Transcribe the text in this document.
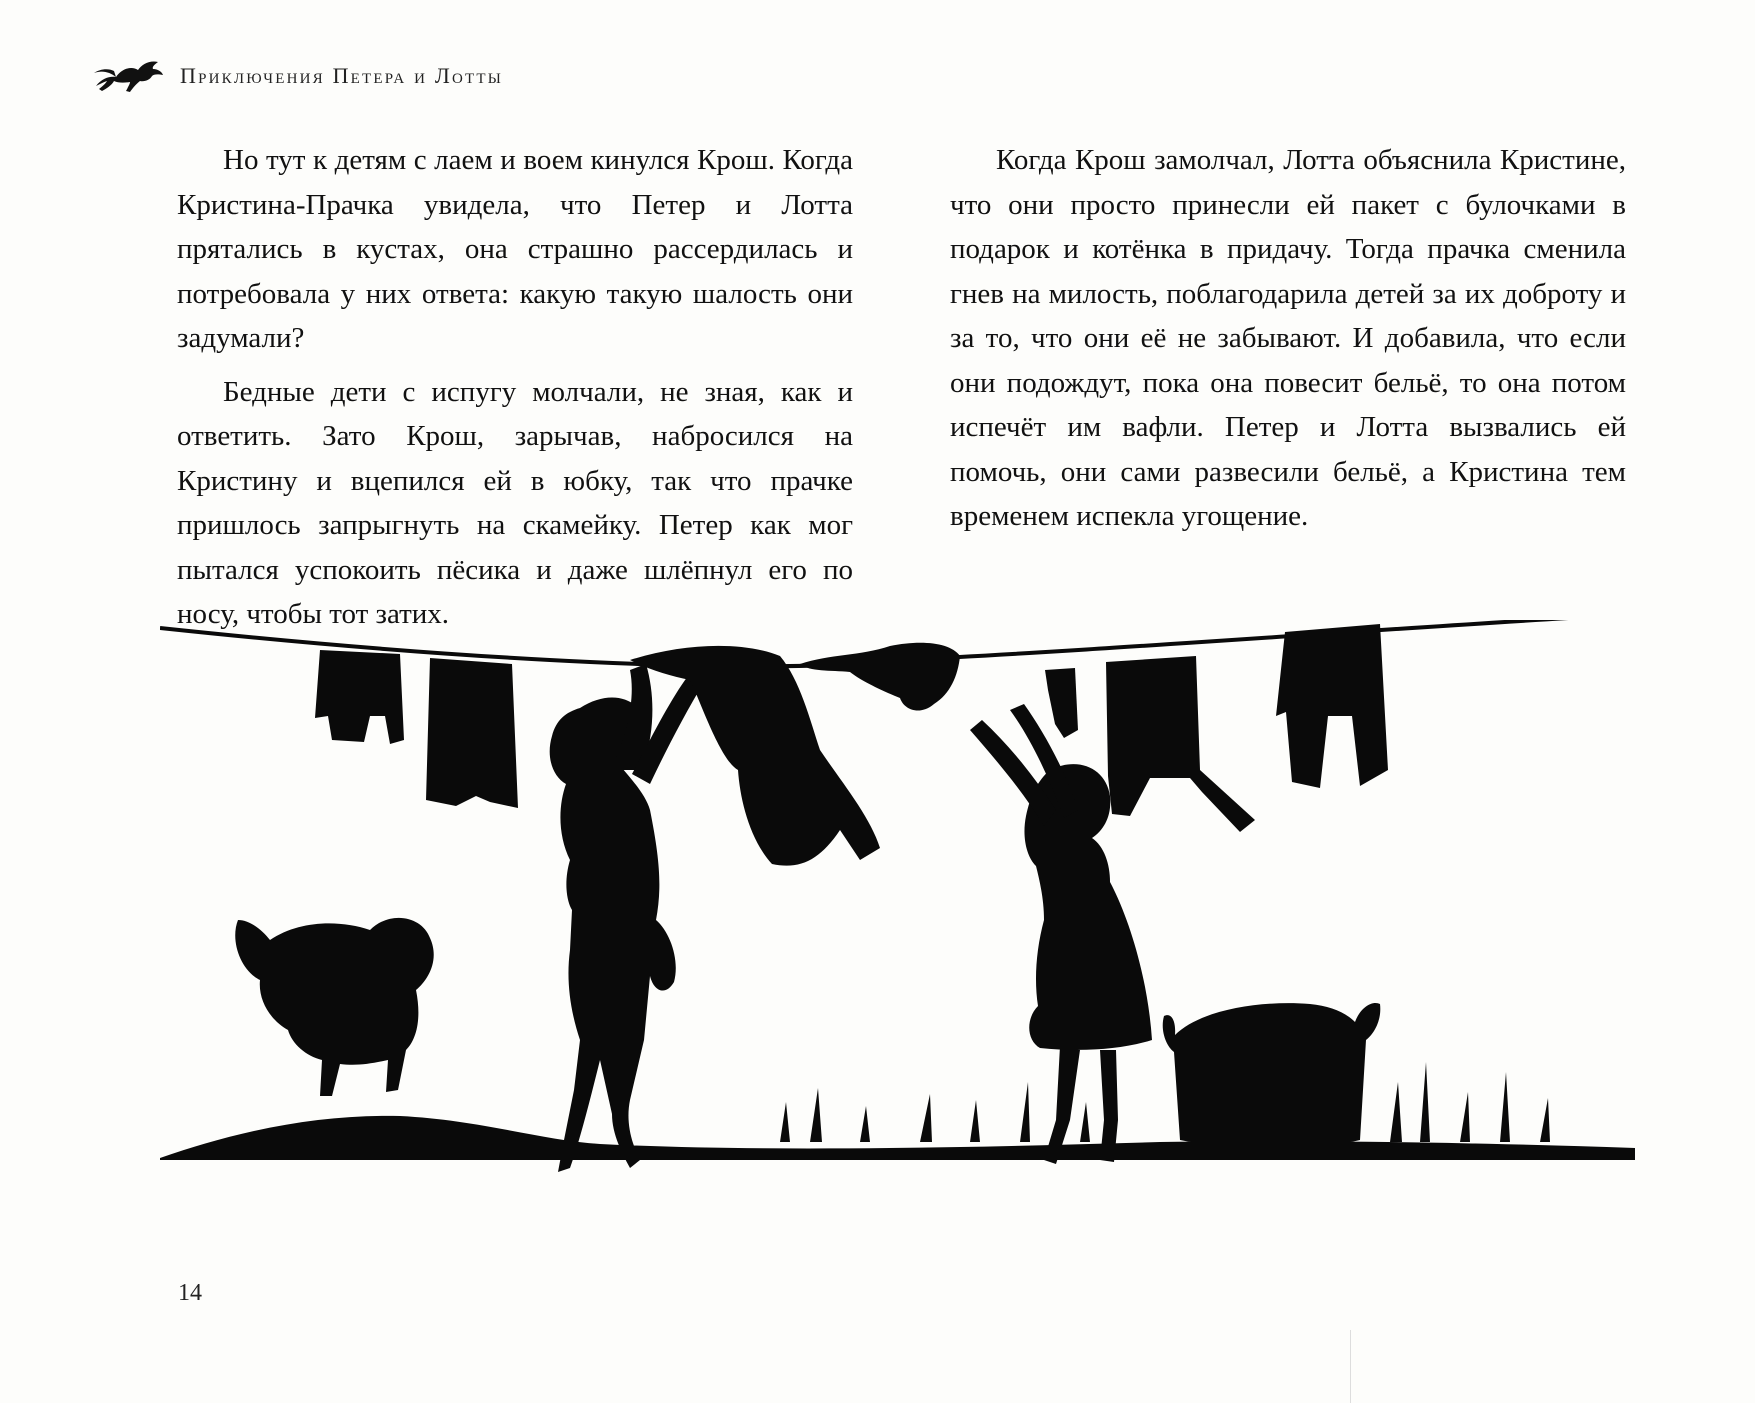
Приключения Петера и Лотты

Но тут к детям с лаем и воем кинулся Крош. Когда Кристина-Прачка увидела, что Петер и Лотта прятались в кустах, она страшно рассердилась и потребовала у них ответа: какую такую шалость они задумали?

Бедные дети с испугу молчали, не зная, как и ответить. Зато Крош, зарычав, набросился на Кристину и вцепился ей в юбку, так что прачке пришлось запрыгнуть на скамейку. Петер как мог пытался успокоить пёсика и даже шлёпнул его по носу, чтобы тот затих.

Когда Крош замолчал, Лотта объяснила Кристине, что они просто принесли ей пакет с булочками в подарок и котёнка в придачу. Тогда прачка сменила гнев на милость, поблагодарила детей за их доброту и за то, что они её не забывают. И добавила, что если они подождут, пока она повесит бельё, то она потом испечёт им вафли. Петер и Лотта вызвались ей помочь, они сами развесили бельё, а Кристина тем временем испекла угощение.

14
